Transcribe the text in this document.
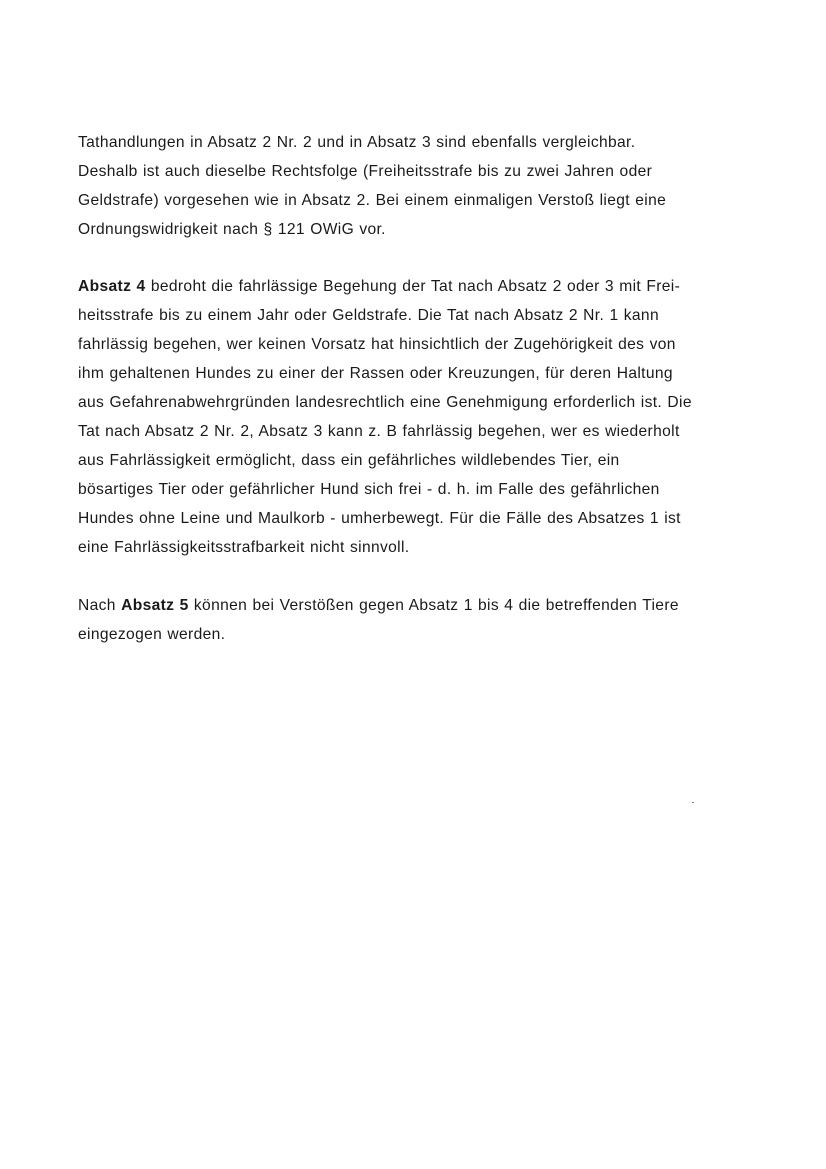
Tathandlungen in Absatz 2 Nr. 2 und in Absatz 3 sind ebenfalls vergleichbar.
Deshalb ist auch dieselbe Rechtsfolge (Freiheitsstrafe bis zu zwei Jahren oder
Geldstrafe) vorgesehen wie in Absatz 2. Bei einem einmaligen Verstoß liegt eine
Ordnungswidrigkeit nach § 121 OWiG vor.
Absatz 4 bedroht die fahrlässige Begehung der Tat nach Absatz 2 oder 3 mit Frei-
heitsstrafe bis zu einem Jahr oder Geldstrafe. Die Tat nach Absatz 2 Nr. 1 kann
fahrlässig begehen, wer keinen Vorsatz hat hinsichtlich der Zugehörigkeit des von
ihm gehaltenen Hundes zu einer der Rassen oder Kreuzungen, für deren Haltung
aus Gefahrenabwehrgründen landesrechtlich eine Genehmigung erforderlich ist. Die
Tat nach Absatz 2 Nr. 2, Absatz 3 kann z. B fahrlässig begehen, wer es wiederholt
aus Fahrlässigkeit ermöglicht, dass ein gefährliches wildlebendes Tier, ein
bösartiges Tier oder gefährlicher Hund sich frei - d. h. im Falle des gefährlichen
Hundes ohne Leine und Maulkorb - umherbewegt. Für die Fälle des Absatzes 1 ist
eine Fahrlässigkeitsstrafbarkeit nicht sinnvoll.
Nach Absatz 5 können bei Verstößen gegen Absatz 1 bis 4 die betreffenden Tiere
eingezogen werden.
